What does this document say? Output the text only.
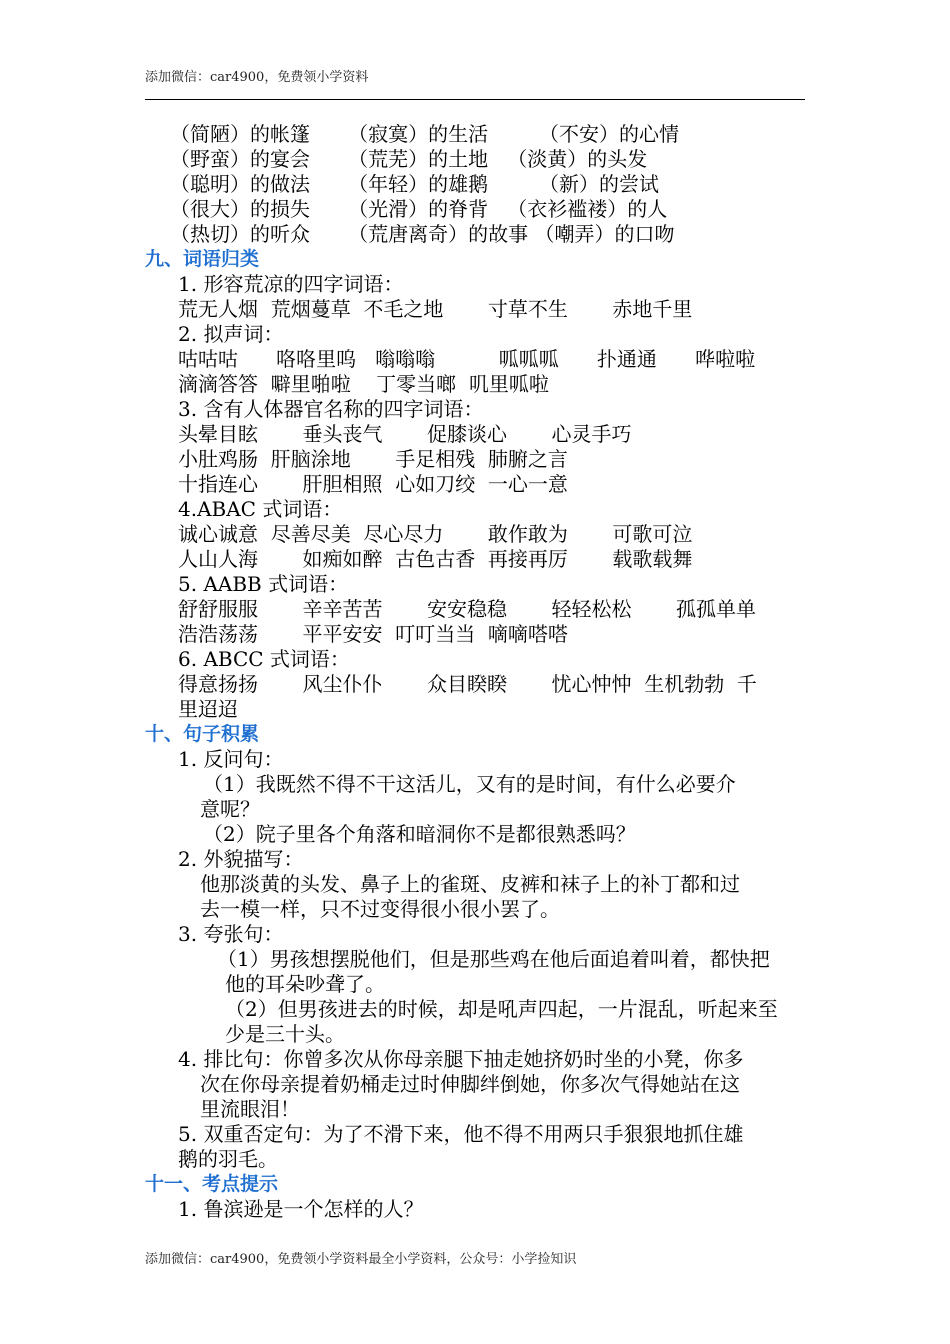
添加微信：car4900，免费领小学资料
（简陋）的帐篷      （寂寞）的生活        （不安）的心情
（野蛮）的宴会      （荒芜）的土地   （淡黄）的头发
（聪明）的做法      （年轻）的雄鹅        （新）的尝试
（很大）的损失      （光滑）的脊背   （衣衫褴褛）的人
（热切）的听众      （荒唐离奇）的故事 （嘲弄）的口吻
九、词语归类
1. 形容荒凉的四字词语：
荒无人烟  荒烟蔓草  不毛之地       寸草不生       赤地千里
2. 拟声词：
咕咕咕      咯咯里呜   嗡嗡嗡          呱呱呱      扑通通      哗啦啦
滴滴答答  噼里啪啦    丁零当啷  叽里呱啦
3. 含有人体器官名称的四字词语：
头晕目眩       垂头丧气       促膝谈心       心灵手巧
小肚鸡肠  肝脑涂地       手足相残  肺腑之言
十指连心       肝胆相照  心如刀绞  一心一意
4.ABAC 式词语：
诚心诚意  尽善尽美  尽心尽力       敢作敢为       可歌可泣
人山人海       如痴如醉  古色古香  再接再厉       载歌载舞
5. AABB 式词语：
舒舒服服       辛辛苦苦       安安稳稳       轻轻松松       孤孤单单
浩浩荡荡       平平安安  叮叮当当  嘀嘀嗒嗒
6. ABCC 式词语：
得意扬扬       风尘仆仆       众目睽睽       忧心忡忡  生机勃勃  千
里迢迢
十、句子积累
1. 反问句：
（1）我既然不得不干这活儿，又有的是时间，有什么必要介
意呢？
（2）院子里各个角落和暗洞你不是都很熟悉吗？
2. 外貌描写：
他那淡黄的头发、鼻子上的雀斑、皮裤和袜子上的补丁都和过
去一模一样，只不过变得很小很小罢了。
3. 夸张句：
（1）男孩想摆脱他们，但是那些鸡在他后面追着叫着，都快把
他的耳朵吵聋了。
（2）但男孩进去的时候，却是吼声四起，一片混乱，听起来至
少是三十头。
4. 排比句：你曾多次从你母亲腿下抽走她挤奶时坐的小凳，你多
次在你母亲提着奶桶走过时伸脚绊倒她，你多次气得她站在这
里流眼泪！
5. 双重否定句：为了不滑下来，他不得不用两只手狠狠地抓住雄
鹅的羽毛。
十一、考点提示
1. 鲁滨逊是一个怎样的人？
添加微信：car4900，免费领小学资料最全小学资料，公众号：小学捡知识
